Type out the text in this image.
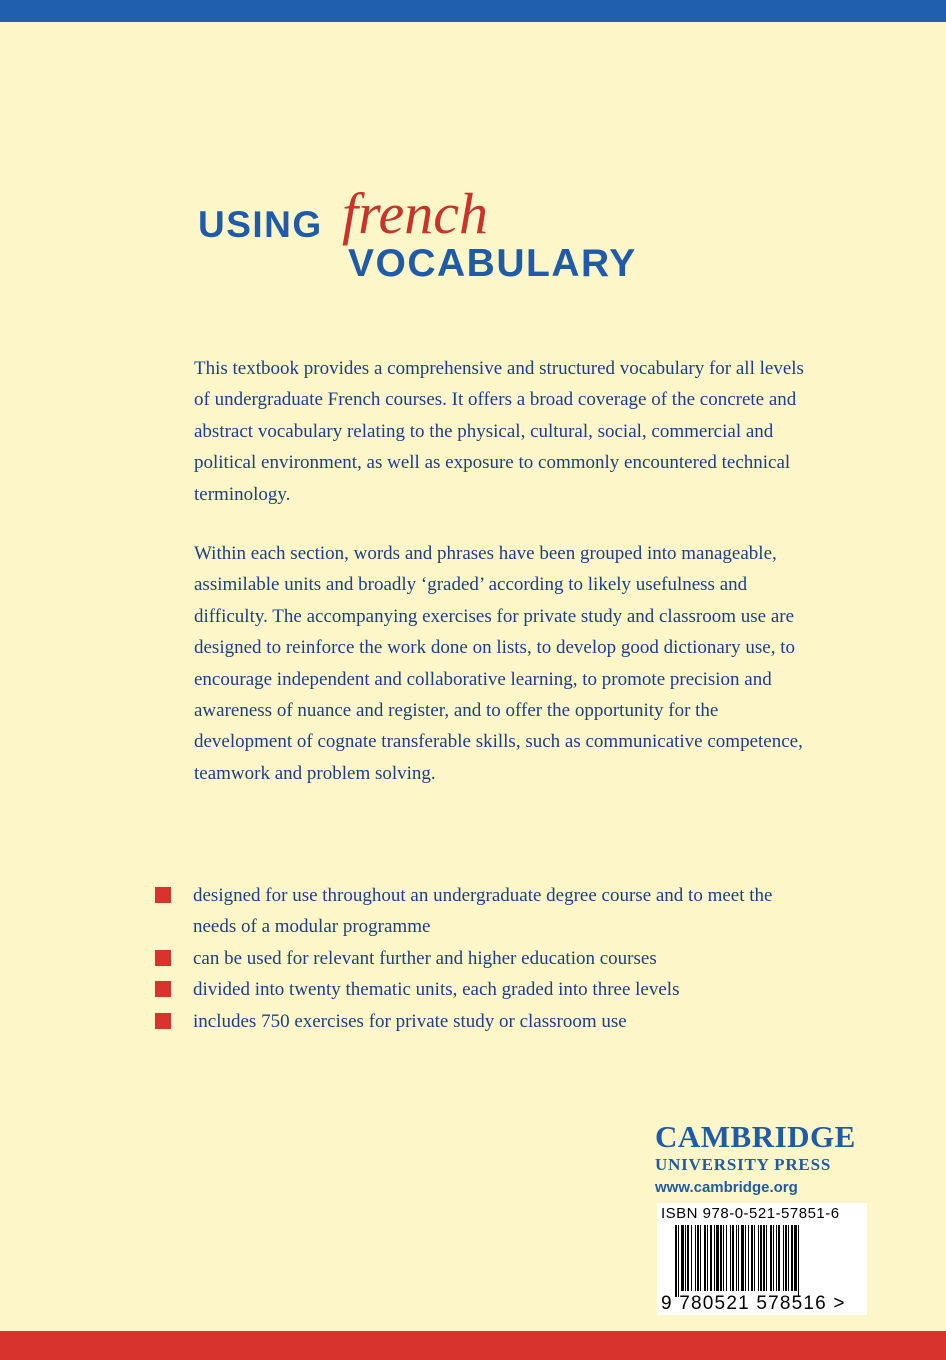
USING french
VOCABULARY

This textbook provides a comprehensive and structured vocabulary for all levels of undergraduate French courses. It offers a broad coverage of the concrete and abstract vocabulary relating to the physical, cultural, social, commercial and political environment, as well as exposure to commonly encountered technical terminology.

Within each section, words and phrases have been grouped into manageable, assimilable units and broadly ‘graded’ according to likely usefulness and difficulty. The accompanying exercises for private study and classroom use are designed to reinforce the work done on lists, to develop good dictionary use, to encourage independent and collaborative learning, to promote precision and awareness of nuance and register, and to offer the opportunity for the development of cognate transferable skills, such as communicative competence, teamwork and problem solving.

designed for use throughout an undergraduate degree course and to meet the needs of a modular programme
can be used for relevant further and higher education courses
divided into twenty thematic units, each graded into three levels
includes 750 exercises for private study or classroom use
CAMBRIDGE
UNIVERSITY PRESS
www.cambridge.org
ISBN 978-0-521-57851-6
9 780521 578516 >
